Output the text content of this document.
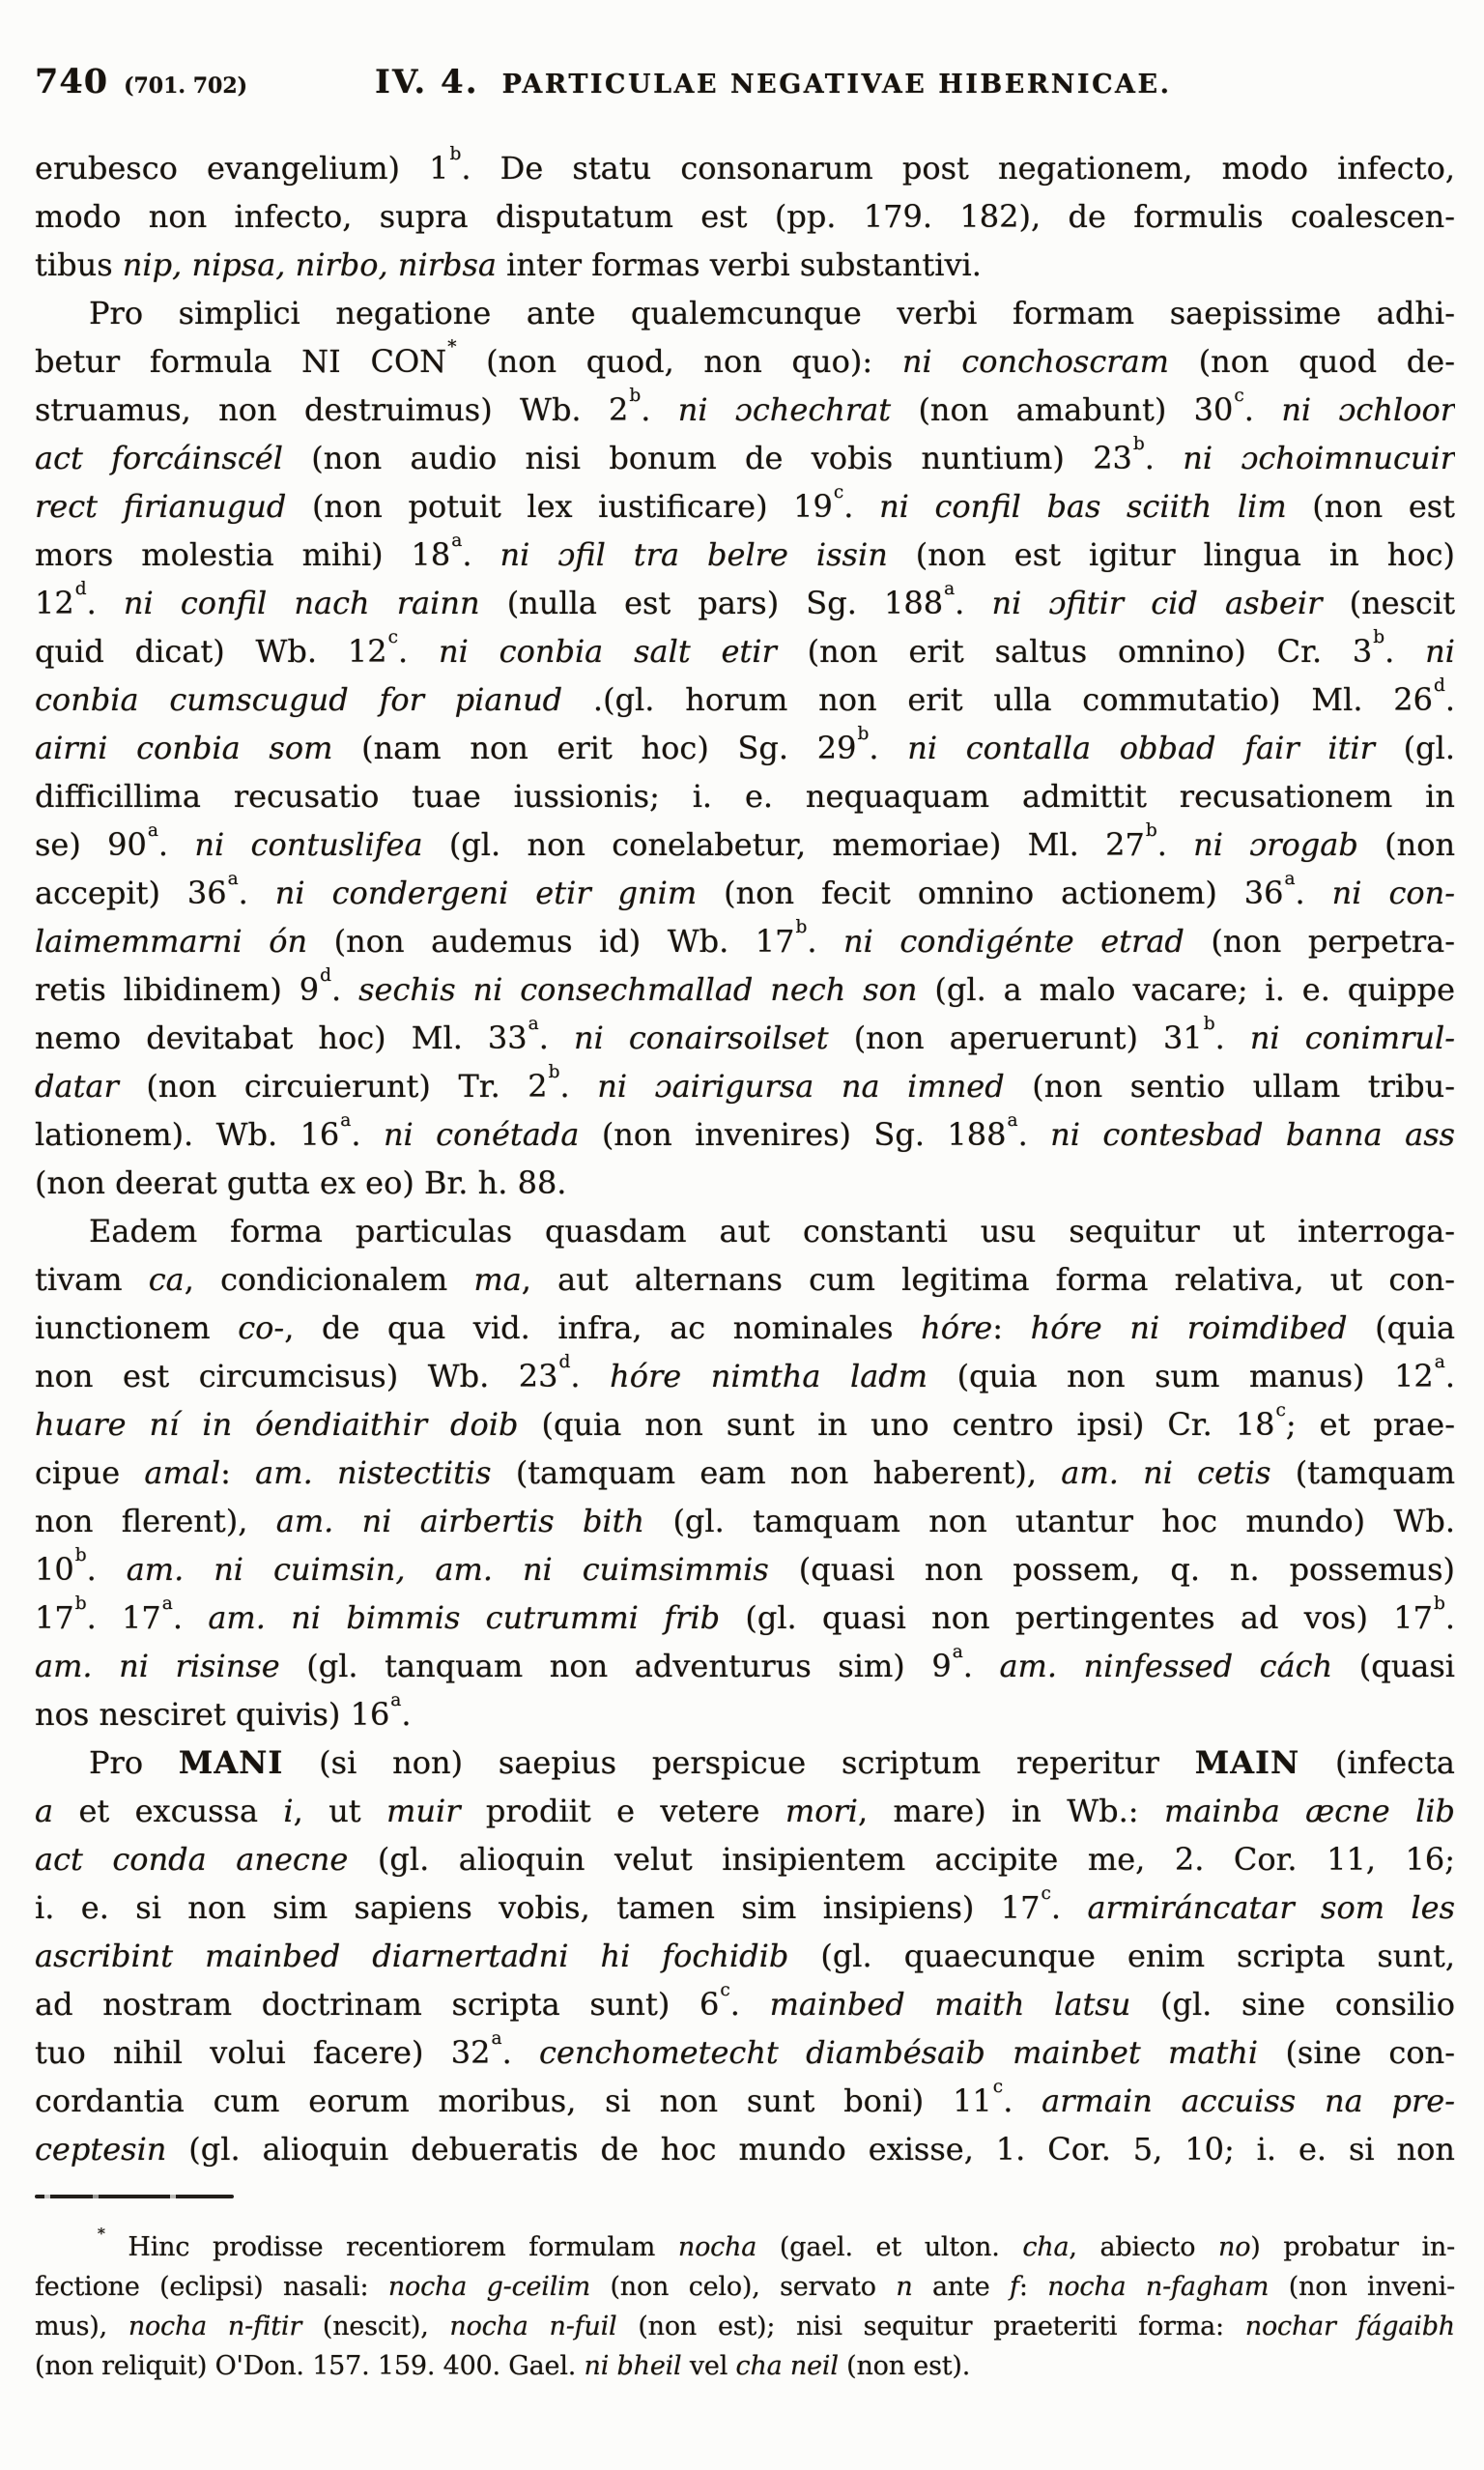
740 (701. 702)	IV. 4. PARTICULAE NEGATIVAE HIBERNICAE.
erubesco evangelium) 1$^b$. De statu consonarum post negationem, modo infecto,
modo non infecto, supra disputatum est (pp. 179. 182), de formulis coalescen-
tibus nip, nipsa, nirbo, nirbsa inter formas verbi substantivi.
Pro simplici negatione ante qualemcunque verbi formam saepissime adhi-
betur formula NI CON* (non quod, non quo): ni conchoscram (non quod de-
struamus, non destruimus) Wb. 2$^b$. ni ɔchechrat (non amabunt) 30$^c$. ni ɔchloor
act forcáinscél (non audio nisi bonum de vobis nuntium) 23$^b$. ni ɔchoimnucuir
rect firianugud (non potuit lex iustificare) 19$^c$. ni confil bas sciith lim (non est
mors molestia mihi) 18$^a$. ni ɔfil tra belre issin (non est igitur lingua in hoc)
12$^d$. ni confil nach rainn (nulla est pars) Sg. 188$^a$. ni ɔfitir cid asbeir (nescit
quid dicat) Wb. 12$^c$. ni conbia salt etir (non erit saltus omnino) Cr. 3$^b$. ni
conbia cumscugud for pianud .(gl. horum non erit ulla commutatio) Ml. 26$^d$.
airni conbia som (nam non erit hoc) Sg. 29$^b$. ni contalla obbad fair itir (gl.
difficillima recusatio tuae iussionis; i. e. nequaquam admittit recusationem in
se) 90$^a$. ni contuslifea (gl. non conelabetur, memoriae) Ml. 27$^b$. ni ɔrogab (non
accepit) 36$^a$. ni condergeni etir gnim (non fecit omnino actionem) 36$^a$. ni con-
laimemmarni ón (non audemus id) Wb. 17$^b$. ni condigénte etrad (non perpetra-
retis libidinem) 9$^d$. sechis ni consechmallad nech son (gl. a malo vacare; i. e. quippe
nemo devitabat hoc) Ml. 33$^a$. ni conairsoilset (non aperuerunt) 31$^b$. ni conimrul-
datar (non circuierunt) Tr. 2$^b$. ni ɔairigursa na imned (non sentio ullam tribu-
lationem). Wb. 16$^a$. ni conétada (non invenires) Sg. 188$^a$. ni contesbad banna ass
(non deerat gutta ex eo) Br. h. 88.
Eadem forma particulas quasdam aut constanti usu sequitur ut interroga-
tivam ca, condicionalem ma, aut alternans cum legitima forma relativa, ut con-
iunctionem co-, de qua vid. infra, ac nominales hóre: hóre ni roimdibed (quia
non est circumcisus) Wb. 23$^d$. hóre nimtha ladm (quia non sum manus) 12$^a$.
huare ní in óendiaithir doib (quia non sunt in uno centro ipsi) Cr. 18$^c$; et prae-
cipue amal: am. nistectitis (tamquam eam non haberent), am. ni cetis (tamquam
non flerent), am. ni airbertis bith (gl. tamquam non utantur hoc mundo) Wb.
10$^b$. am. ni cuimsin, am. ni cuimsimmis (quasi non possem, q. n. possemus)
17$^b$. 17$^a$. am. ni bimmis cutrummi frib (gl. quasi non pertingentes ad vos) 17$^b$.
am. ni risinse (gl. tanquam non adventurus sim) 9$^a$. am. ninfessed cách (quasi
nos nesciret quivis) 16$^a$.
Pro MANI (si non) saepius perspicue scriptum reperitur MAIN (infecta
a et excussa i, ut muir prodiit e vetere mori, mare) in Wb.: mainba æcne lib
act conda anecne (gl. alioquin velut insipientem accipite me, 2. Cor. 11, 16;
i. e. si non sim sapiens vobis, tamen sim insipiens) 17$^c$. armiráncatar som les
ascribint mainbed diarnertadni hi fochidib (gl. quaecunque enim scripta sunt,
ad nostram doctrinam scripta sunt) 6$^c$. mainbed maith latsu (gl. sine consilio
tuo nihil volui facere) 32$^a$. cenchometecht diambésaib mainbet mathi (sine con-
cordantia cum eorum moribus, si non sunt boni) 11$^c$. armain accuiss na pre-
ceptesin (gl. alioquin debueratis de hoc mundo exisse, 1. Cor. 5, 10; i. e. si non
* Hinc prodisse recentiorem formulam nocha (gael. et ulton. cha, abiecto no) probatur in-
fectione (eclipsi) nasali: nocha g-ceilim (non celo), servato n ante f: nocha n-fagham (non inveni-
mus), nocha n-fitir (nescit), nocha n-fuil (non est); nisi sequitur praeteriti forma: nochar fágaibh
(non reliquit) O'Don. 157. 159. 400. Gael. ni bheil vel cha neil (non est).
